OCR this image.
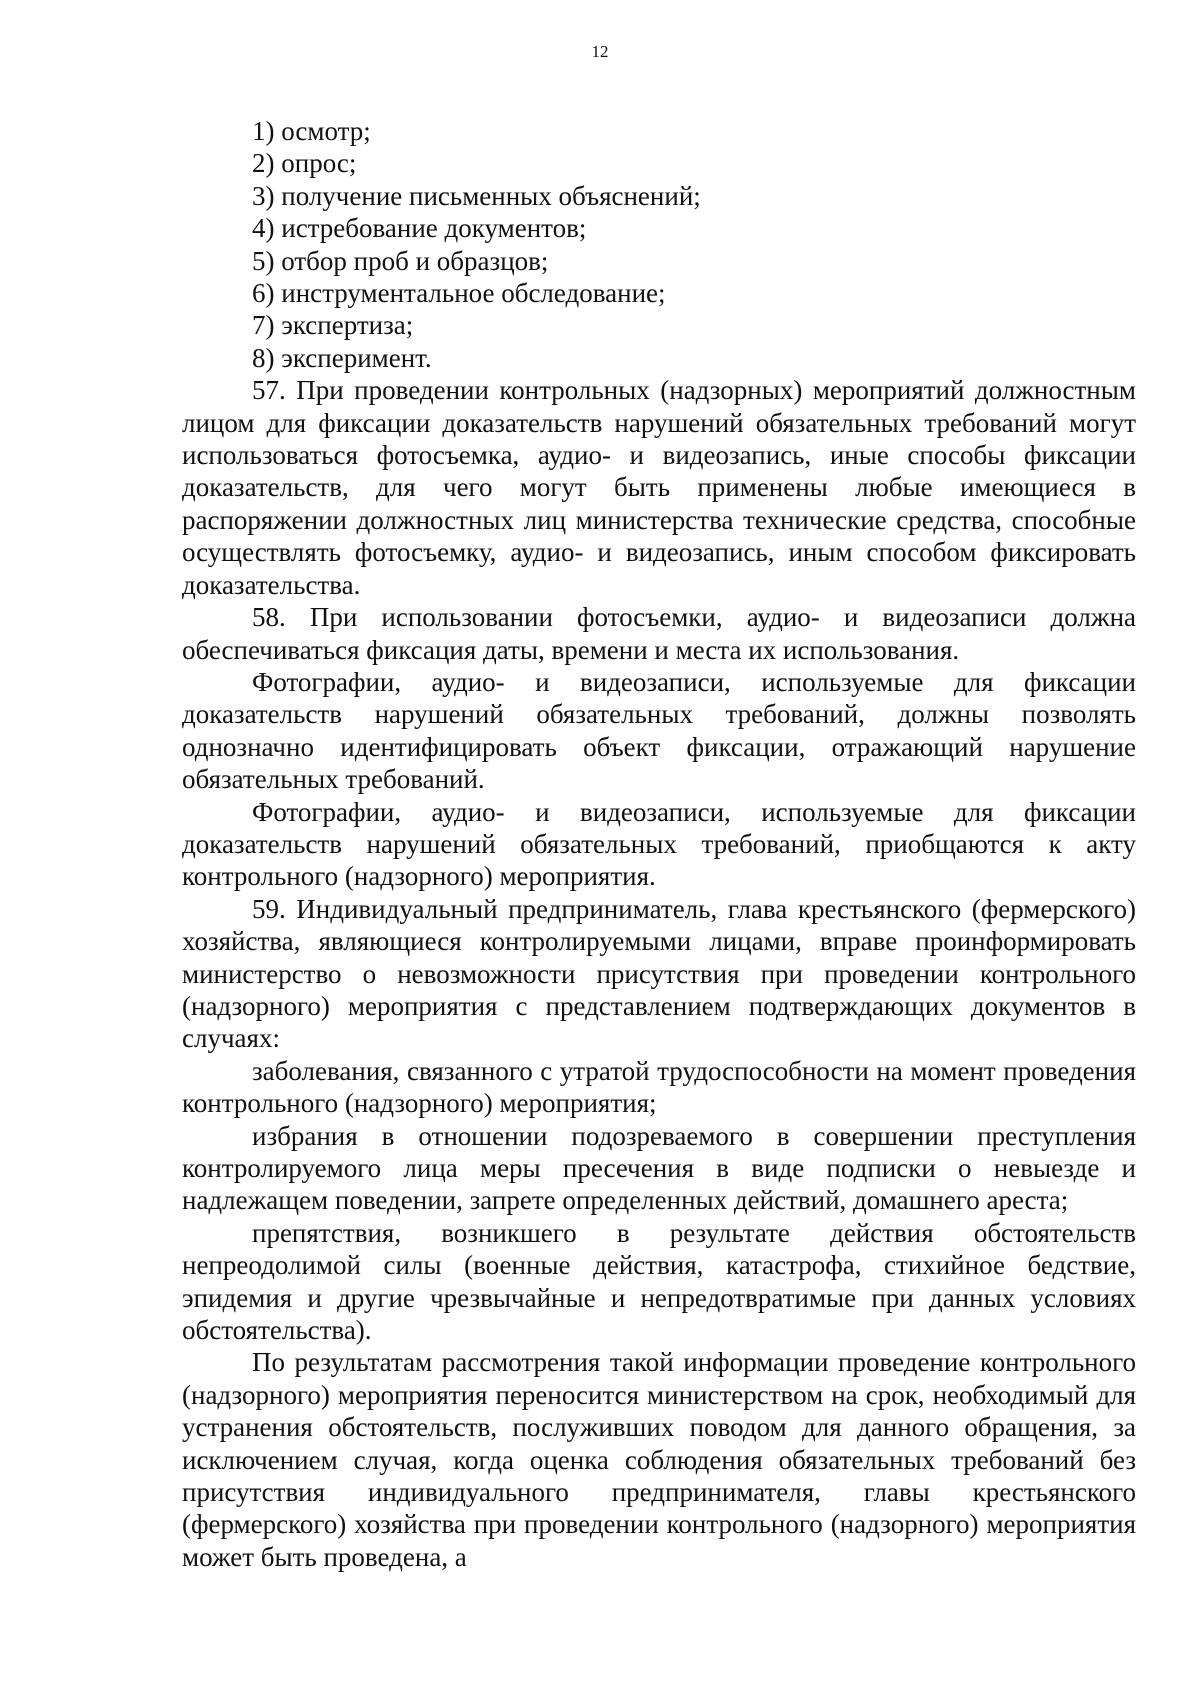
12

1) осмотр;

2) опрос;

3) получение письменных объяснений;

4) истребование документов;

5) отбор проб и образцов;

6) инструментальное обследование;

7) экспертиза;

8) эксперимент.

57. При проведении контрольных (надзорных) мероприятий должностным лицом для фиксации доказательств нарушений обязательных требований могут использоваться фотосъемка, аудио- и видеозапись, иные способы фиксации доказательств, для чего могут быть применены любые имеющиеся в распоряжении должностных лиц министерства технические средства, способные осуществлять фотосъемку, аудио- и видеозапись, иным способом фиксировать доказательства.

58. При использовании фотосъемки, аудио- и видеозаписи должна обеспечиваться фиксация даты, времени и места их использования.

Фотографии, аудио- и видеозаписи, используемые для фиксации доказательств нарушений обязательных требований, должны позволять однозначно идентифицировать объект фиксации, отражающий нарушение обязательных требований.

Фотографии, аудио- и видеозаписи, используемые для фиксации доказательств нарушений обязательных требований, приобщаются к акту контрольного (надзорного) мероприятия.

59. Индивидуальный предприниматель, глава крестьянского (фермерского) хозяйства, являющиеся контролируемыми лицами, вправе проинформировать министерство о невозможности присутствия при проведении контрольного (надзорного) мероприятия с представлением подтверждающих документов в случаях:

заболевания, связанного с утратой трудоспособности на момент проведения контрольного (надзорного) мероприятия;

избрания в отношении подозреваемого в совершении преступления контролируемого лица меры пресечения в виде подписки о невыезде и надлежащем поведении, запрете определенных действий, домашнего ареста;

препятствия, возникшего в результате действия обстоятельств непреодолимой силы (военные действия, катастрофа, стихийное бедствие, эпидемия и другие чрезвычайные и непредотвратимые при данных условиях обстоятельства).

По результатам рассмотрения такой информации проведение контрольного (надзорного) мероприятия переносится министерством на срок, необходимый для устранения обстоятельств, послуживших поводом для данного обращения, за исключением случая, когда оценка соблюдения обязательных требований без присутствия индивидуального предпринимателя, главы крестьянского (фермерского) хозяйства при проведении контрольного (надзорного) мероприятия может быть проведена, а
